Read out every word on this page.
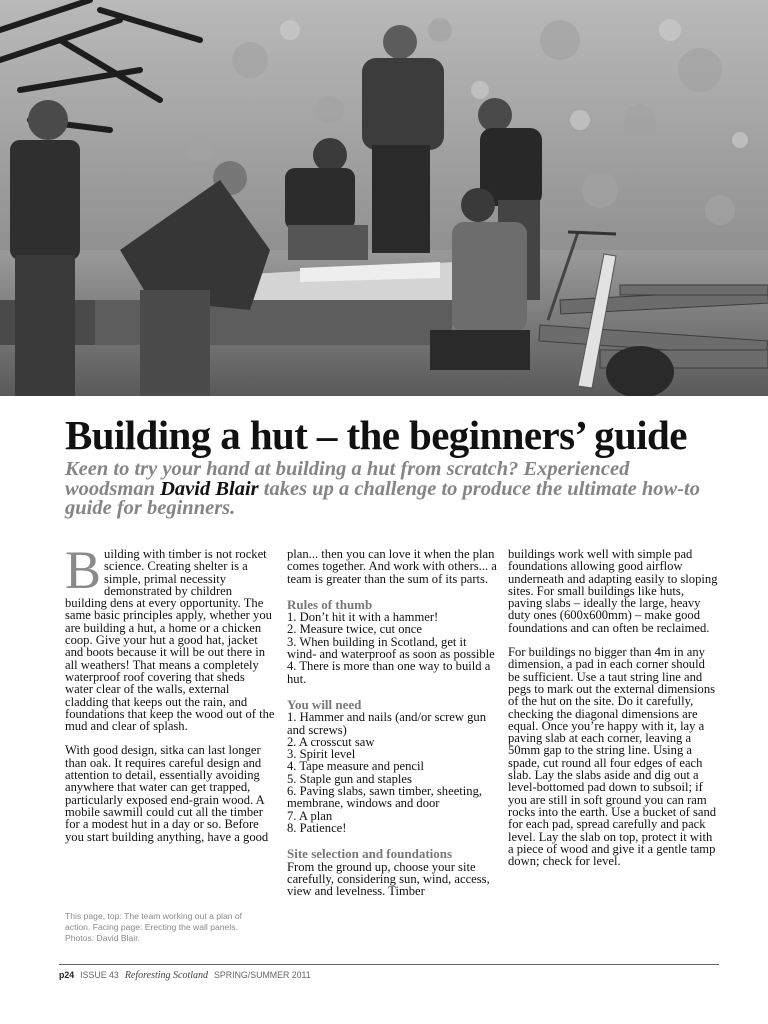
Building a hut – the beginners’ guide

Keen to try your hand at building a hut from scratch? Experienced woodsman David Blair takes up a challenge to produce the ultimate how-to guide for beginners.

Building with timber is not rocket science. Creating shelter is a simple, primal necessity demonstrated by children building dens at every opportunity. The same basic principles apply, whether you are building a hut, a home or a chicken coop. Give your hut a good hat, jacket and boots because it will be out there in all weathers! That means a completely waterproof roof covering that sheds water clear of the walls, external cladding that keeps out the rain, and foundations that keep the wood out of the mud and clear of splash.

With good design, sitka can last longer than oak. It requires careful design and attention to detail, essentially avoiding anywhere that water can get trapped, particularly exposed end-grain wood. A mobile sawmill could cut all the timber for a modest hut in a day or so. Before you start building anything, have a good

This page, top: The team working out a plan of action. Facing page: Erecting the wall panels. Photos: David Blair.

plan... then you can love it when the plan comes together. And work with others... a team is greater than the sum of its parts.

Rules of thumb
1. Don’t hit it with a hammer!
2. Measure twice, cut once
3. When building in Scotland, get it wind- and waterproof as soon as possible
4. There is more than one way to build a hut.
You will need
1. Hammer and nails (and/or screw gun and screws)
2. A crosscut saw
3. Spirit level
4. Tape measure and pencil
5. Staple gun and staples
6. Paving slabs, sawn timber, sheeting, membrane, windows and door
7. A plan
8. Patience!
Site selection and foundations
From the ground up, choose your site carefully, considering sun, wind, access, view and levelness. Timber

buildings work well with simple pad foundations allowing good airflow underneath and adapting easily to sloping sites. For small buildings like huts, paving slabs – ideally the large, heavy duty ones (600x600mm) – make good foundations and can often be reclaimed.

For buildings no bigger than 4m in any dimension, a pad in each corner should be sufficient. Use a taut string line and pegs to mark out the external dimensions of the hut on the site. Do it carefully, checking the diagonal dimensions are equal. Once you’re happy with it, lay a paving slab at each corner, leaving a 50mm gap to the string line. Using a spade, cut round all four edges of each slab. Lay the slabs aside and dig out a level-bottomed pad down to subsoil; if you are still in soft ground you can ram rocks into the earth. Use a bucket of sand for each pad, spread carefully and pack level. Lay the slab on top, protect it with a piece of wood and give it a gentle tamp down; check for level.

p24 ISSUE 43 Reforesting Scotland SPRING/SUMMER 2011
